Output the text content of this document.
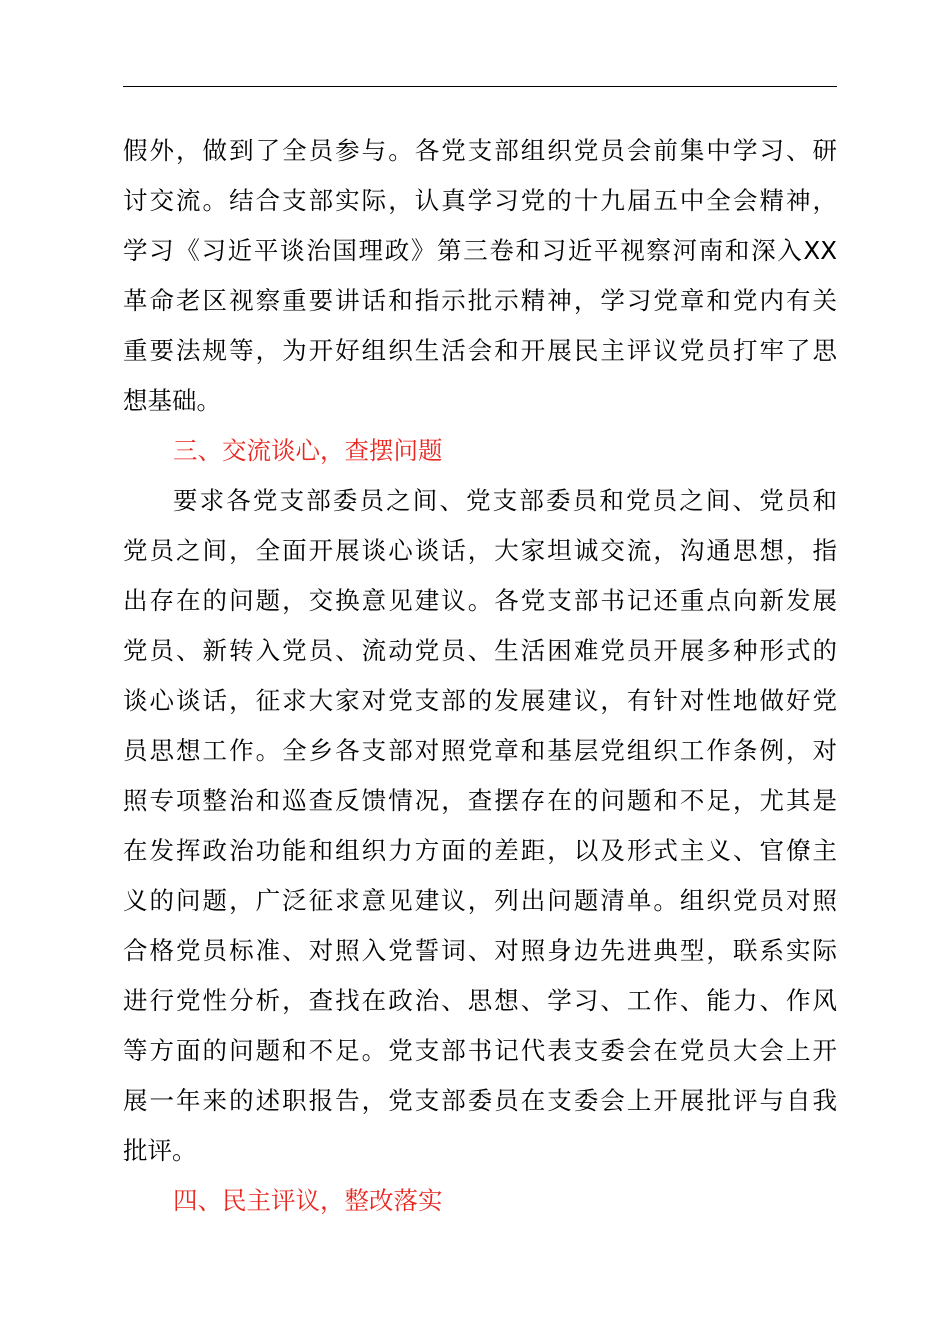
假外，做到了全员参与。各党支部组织党员会前集中学习、研
讨交流。结合支部实际，认真学习党的十九届五中全会精神，
学习《习近平谈治国理政》第三卷和习近平视察河南和深入XX
革命老区视察重要讲话和指示批示精神，学习党章和党内有关
重要法规等，为开好组织生活会和开展民主评议党员打牢了思
想基础。
三、交流谈心，查摆问题
要求各党支部委员之间、党支部委员和党员之间、党员和
党员之间，全面开展谈心谈话，大家坦诚交流，沟通思想，指
出存在的问题，交换意见建议。各党支部书记还重点向新发展
党员、新转入党员、流动党员、生活困难党员开展多种形式的
谈心谈话，征求大家对党支部的发展建议，有针对性地做好党
员思想工作。全乡各支部对照党章和基层党组织工作条例，对
照专项整治和巡查反馈情况，查摆存在的问题和不足，尤其是
在发挥政治功能和组织力方面的差距，以及形式主义、官僚主
义的问题，广泛征求意见建议，列出问题清单。组织党员对照
合格党员标准、对照入党誓词、对照身边先进典型，联系实际
进行党性分析，查找在政治、思想、学习、工作、能力、作风
等方面的问题和不足。党支部书记代表支委会在党员大会上开
展一年来的述职报告，党支部委员在支委会上开展批评与自我
批评。
四、民主评议，整改落实
